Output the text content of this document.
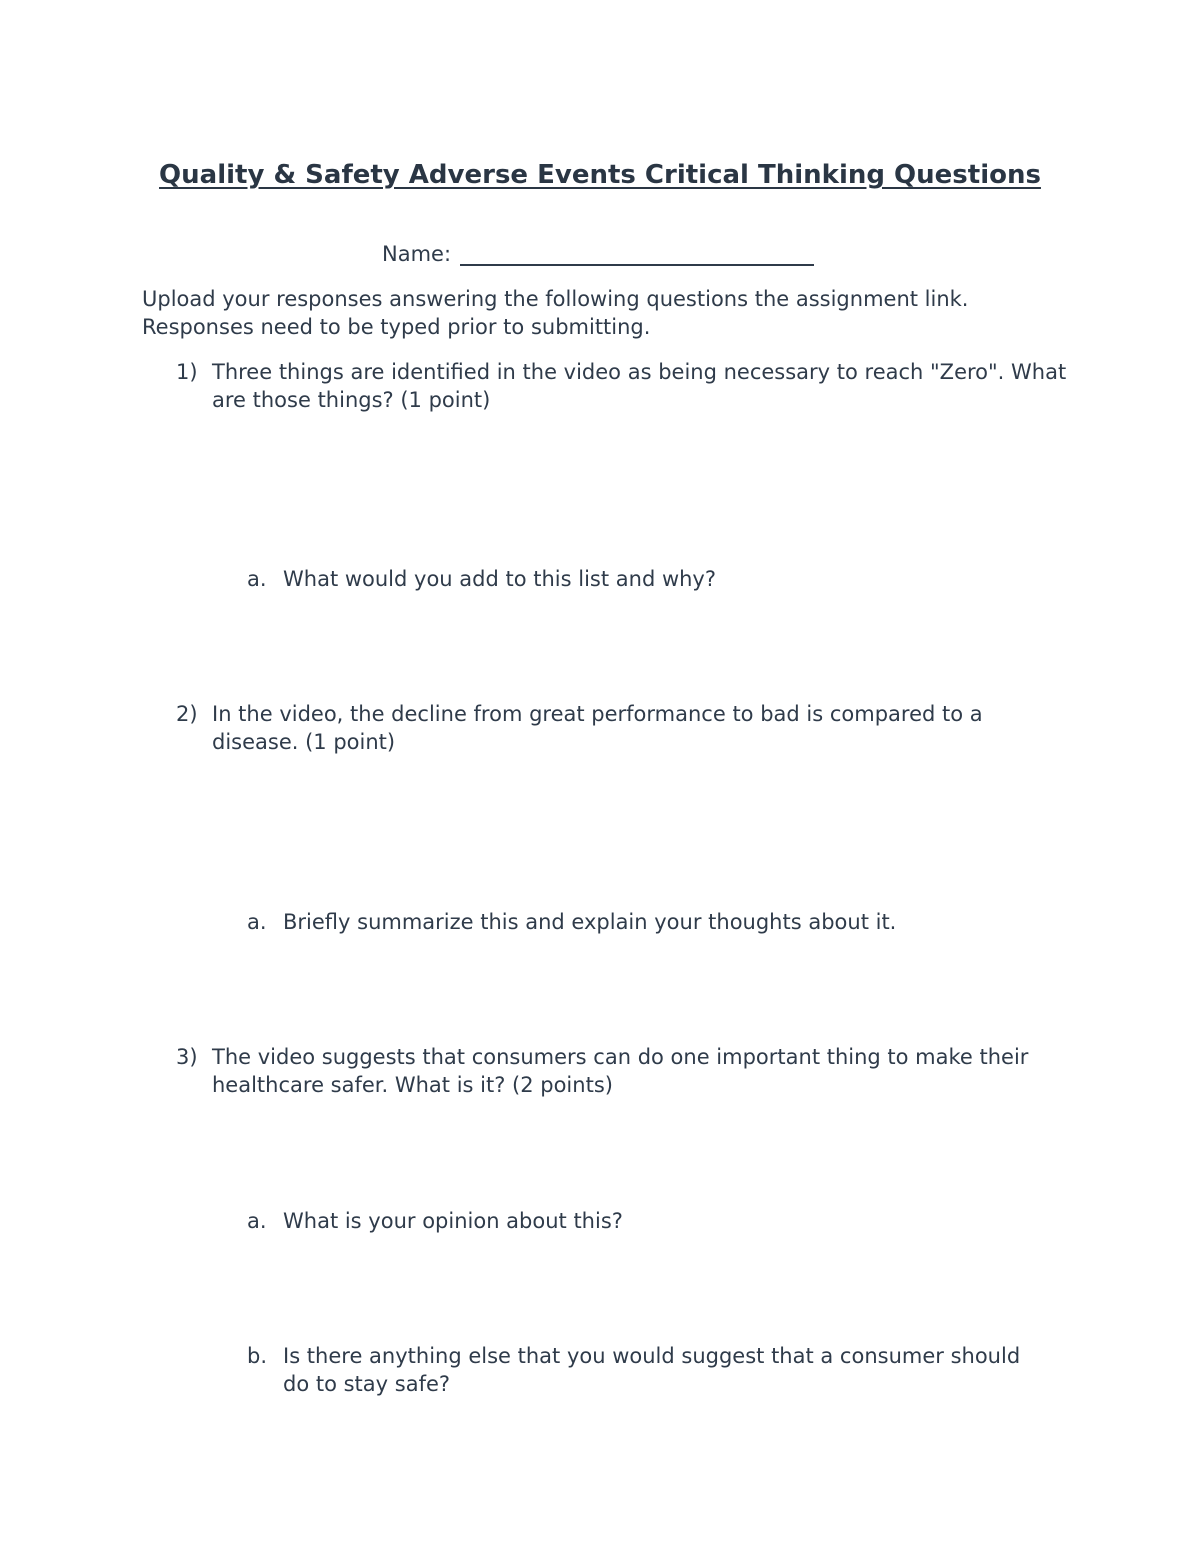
Quality & Safety Adverse Events Critical Thinking Questions
Name:
Upload your responses answering the following questions the assignment link. Responses need to be typed prior to submitting.
1) Three things are identified in the video as being necessary to reach "Zero". What are those things? (1 point)
a. What would you add to this list and why?
2) In the video, the decline from great performance to bad is compared to a disease. (1 point)
a. Briefly summarize this and explain your thoughts about it.
3) The video suggests that consumers can do one important thing to make their healthcare safer. What is it? (2 points)
a. What is your opinion about this?
b. Is there anything else that you would suggest that a consumer should do to stay safe?
